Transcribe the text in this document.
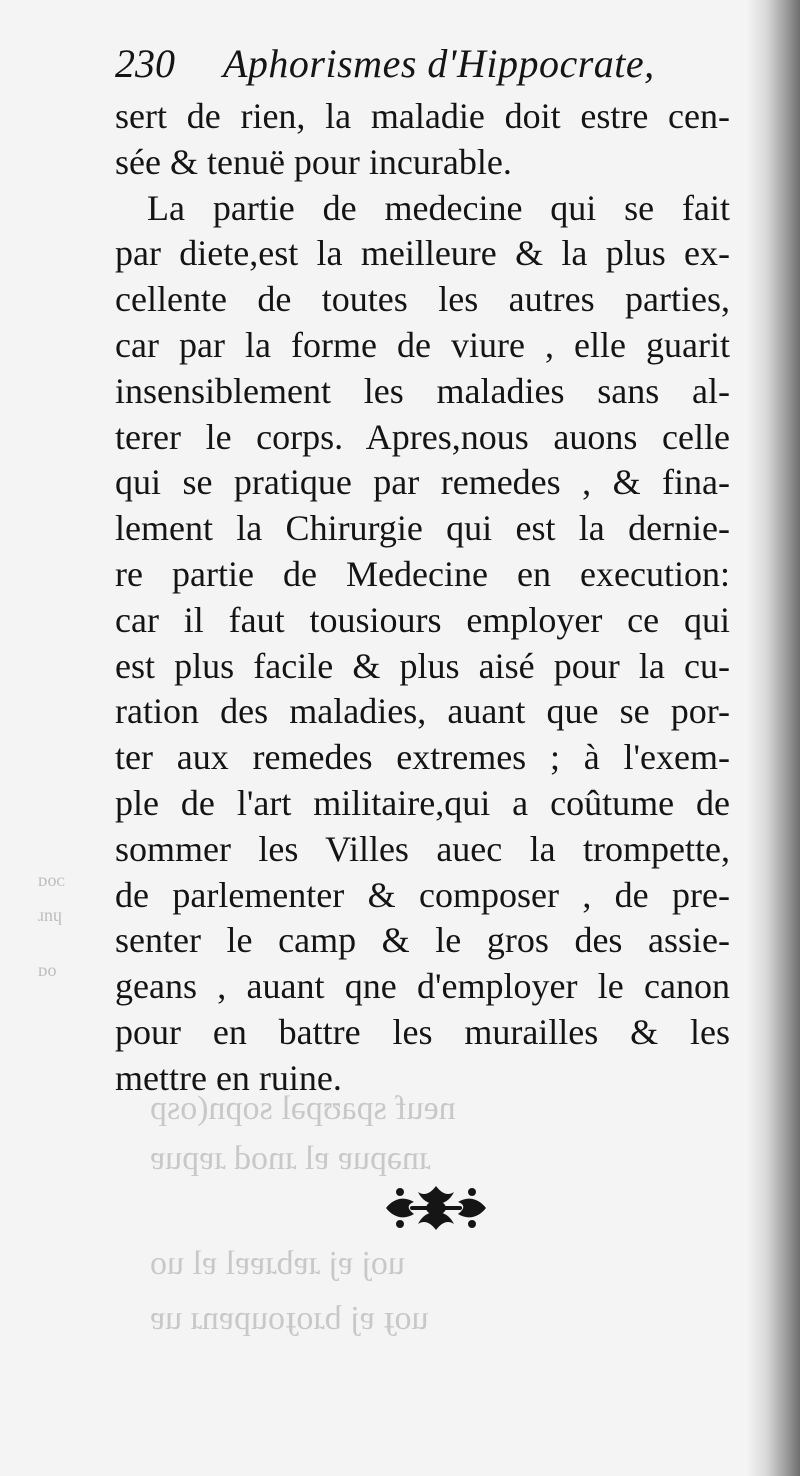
neuf spaʊpəl sopn(osp
ɹnəpuɐ ɐl ɹnod ɹɐpuɐ
uoj ɐj ɹɐbɹɐɐl ɐl uo
uoɟ ɐj bɹoɟoupɐnɹ uɐ
ᴅoᴄ
ɹnɥ
ᴅo
230 Aphorismes d'Hippocrate,
sert de rien, la maladie doit estre cen-
sée & tenuë pour incurable.
La partie de medecine qui se fait
par diete,est la meilleure & la plus ex-
cellente de toutes les autres parties,
car par la forme de viure , elle guarit
insensiblement les maladies sans al-
terer le corps. Apres,nous auons celle
qui se pratique par remedes , & fina-
lement la Chirurgie qui est la dernie-
re partie de Medecine en execution:
car il faut tousiours employer ce qui
est plus facile & plus aisé pour la cu-
ration des maladies, auant que se por-
ter aux remedes extremes ; à l'exem-
ple de l'art militaire,qui a coûtume de
sommer les Villes auec la trompette,
de parlementer & composer , de pre-
senter le camp & le gros des assie-
geans , auant qne d'employer le canon
pour en battre les murailles & les
mettre en ruine.
